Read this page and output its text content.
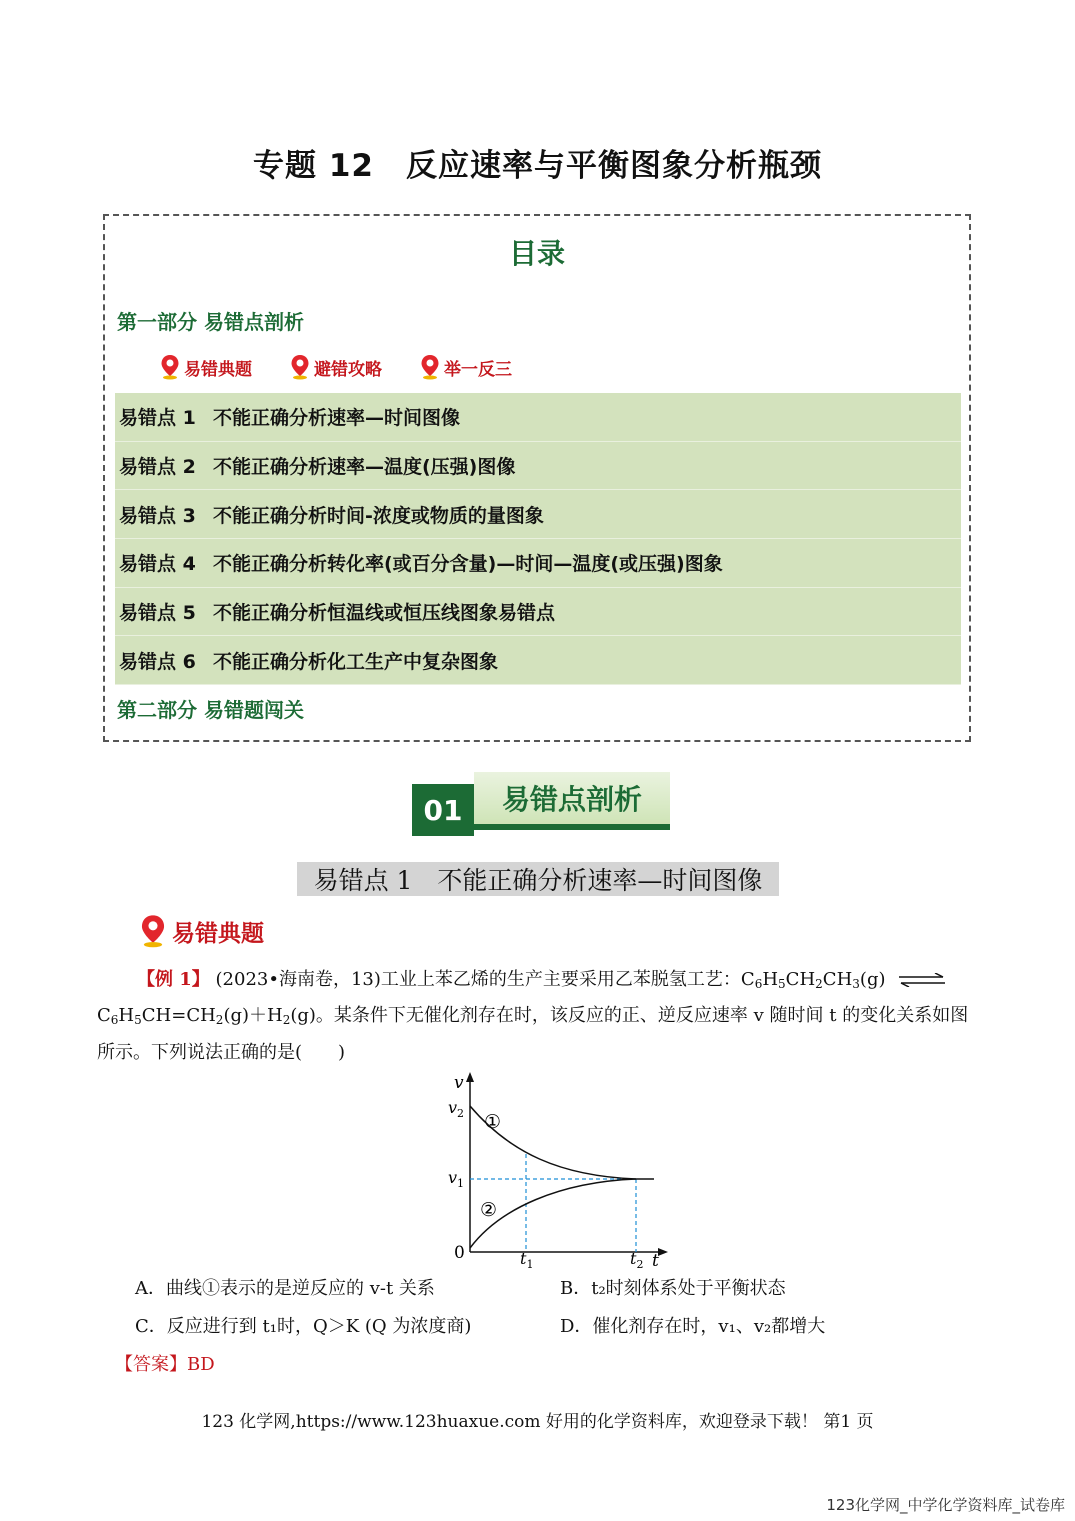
专题 12　反应速率与平衡图象分析瓶颈
目录
第一部分 易错点剖析
易错典题	避错攻略	举一反三
易错点 1 不能正确分析速率—时间图像
易错点 2 不能正确分析速率—温度(压强)图像
易错点 3 不能正确分析时间-浓度或物质的量图象
易错点 4 不能正确分析转化率(或百分含量)—时间—温度(或压强)图象
易错点 5 不能正确分析恒温线或恒压线图象易错点
易错点 6 不能正确分析化工生产中复杂图象
第二部分 易错题闯关
01	易错点剖析
易错点 1　不能正确分析速率—时间图像
易错典题
【例 1】 (2023•海南卷，13)工业上苯乙烯的生产主要采用乙苯脱氢工艺：$C_6H_5CH_2CH_3(g)$ ⇌
$C_6H_5CH=CH_2(g)+H_2(g)$。某条件下无催化剂存在时，该反应的正、逆反应速率 v 随时间 t 的变化关系如图
所示。下列说法正确的是(　　)
v
t
0
$v_2$
$v_1$
$t_1$	$t_2$
①
②
A．曲线①表示的是逆反应的 v-t 关系	B．t₂时刻体系处于平衡状态
C．反应进行到 t₁时，Q＞K (Q 为浓度商)	D．催化剂存在时，v₁、v₂都增大
【答案】BD
123 化学网,https://www.123huaxue.com 好用的化学资料库，欢迎登录下载！ 第1 页
123化学网_中学化学资料库_试卷库
